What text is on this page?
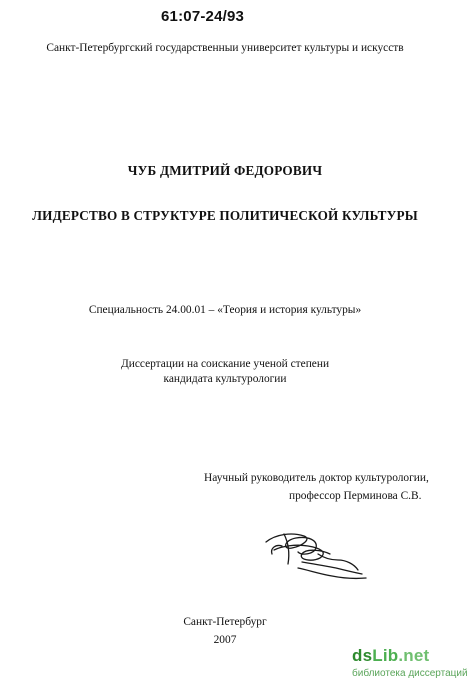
61:07-24/93
Санкт-Петербургский государственныи университет культуры и искусств
ЧУБ ДМИТРИЙ ФЕДОРОВИЧ
ЛИДЕРСТВО В СТРУКТУРЕ ПОЛИТИЧЕСКОЙ КУЛЬТУРЫ
Специальность 24.00.01 – «Теория и история культуры»
Диссертации на соискание ученой степени
кандидата культурологии
Научный руководитель доктор культурологии,
профессор Перминова С.В.
Санкт-Петербург
2007
dsLib.net
библиотека диссертаций
